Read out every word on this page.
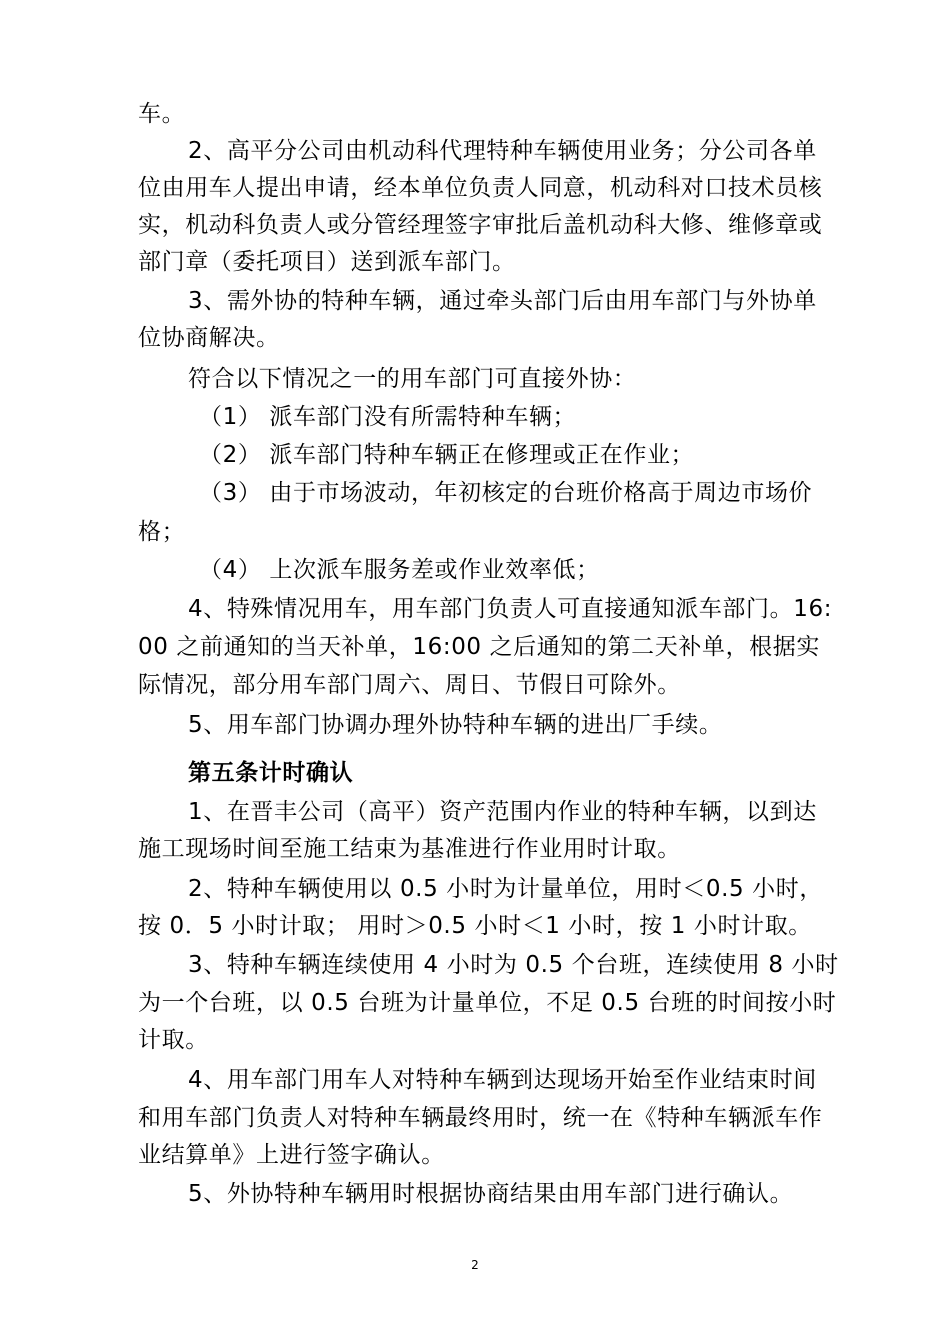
车。
2、高平分公司由机动科代理特种车辆使用业务；分公司各单
位由用车人提出申请，经本单位负责人同意，机动科对口技术员核
实，机动科负责人或分管经理签字审批后盖机动科大修、维修章或
部门章（委托项目）送到派车部门。
3、需外协的特种车辆，通过牵头部门后由用车部门与外协单
位协商解决。
符合以下情况之一的用车部门可直接外协：
（1） 派车部门没有所需特种车辆；
（2） 派车部门特种车辆正在修理或正在作业；
（3） 由于市场波动，年初核定的台班价格高于周边市场价
格；
（4） 上次派车服务差或作业效率低；
4、特殊情况用车，用车部门负责人可直接通知派车部门。16:
00 之前通知的当天补单，16:00 之后通知的第二天补单，根据实
际情况，部分用车部门周六、周日、节假日可除外。
5、用车部门协调办理外协特种车辆的进出厂手续。
第五条计时确认
1、在晋丰公司（高平）资产范围内作业的特种车辆，以到达
施工现场时间至施工结束为基准进行作业用时计取。
2、特种车辆使用以 0.5 小时为计量单位，用时＜0.5 小时，
按 0．5 小时计取； 用时＞0.5 小时＜1 小时，按 1 小时计取。
3、特种车辆连续使用 4 小时为 0.5 个台班，连续使用 8 小时
为一个台班，以 0.5 台班为计量单位，不足 0.5 台班的时间按小时
计取。
4、用车部门用车人对特种车辆到达现场开始至作业结束时间
和用车部门负责人对特种车辆最终用时，统一在《特种车辆派车作
业结算单》上进行签字确认。
5、外协特种车辆用时根据协商结果由用车部门进行确认。
2
